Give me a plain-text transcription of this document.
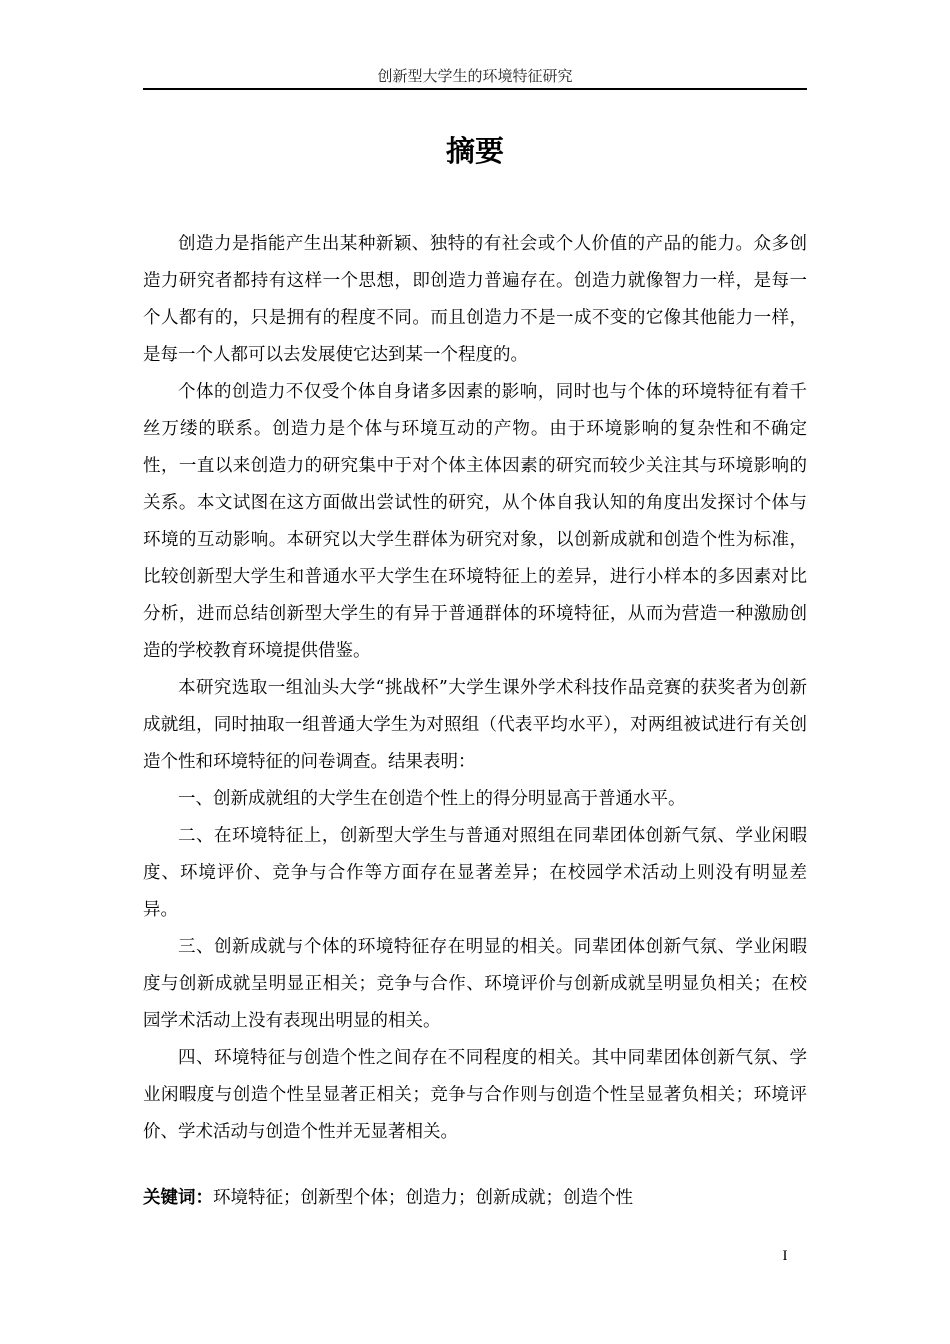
创新型大学生的环境特征研究
摘要

创造力是指能产生出某种新颖、独特的有社会或个人价值的产品的能力。众多创造力研究者都持有这样一个思想，即创造力普遍存在。创造力就像智力一样，是每一个人都有的，只是拥有的程度不同。而且创造力不是一成不变的它像其他能力一样，是每一个人都可以去发展使它达到某一个程度的。

个体的创造力不仅受个体自身诸多因素的影响，同时也与个体的环境特征有着千丝万缕的联系。创造力是个体与环境互动的产物。由于环境影响的复杂性和不确定性，一直以来创造力的研究集中于对个体主体因素的研究而较少关注其与环境影响的关系。本文试图在这方面做出尝试性的研究，从个体自我认知的角度出发探讨个体与环境的互动影响。本研究以大学生群体为研究对象，以创新成就和创造个性为标准，比较创新型大学生和普通水平大学生在环境特征上的差异，进行小样本的多因素对比分析，进而总结创新型大学生的有异于普通群体的环境特征，从而为营造一种激励创造的学校教育环境提供借鉴。

本研究选取一组汕头大学“挑战杯”大学生课外学术科技作品竞赛的获奖者为创新成就组，同时抽取一组普通大学生为对照组（代表平均水平），对两组被试进行有关创造个性和环境特征的问卷调查。结果表明：

一、创新成就组的大学生在创造个性上的得分明显高于普通水平。

二、在环境特征上，创新型大学生与普通对照组在同辈团体创新气氛、学业闲暇度、环境评价、竞争与合作等方面存在显著差异；在校园学术活动上则没有明显差异。

三、创新成就与个体的环境特征存在明显的相关。同辈团体创新气氛、学业闲暇度与创新成就呈明显正相关；竞争与合作、环境评价与创新成就呈明显负相关；在校园学术活动上没有表现出明显的相关。

四、环境特征与创造个性之间存在不同程度的相关。其中同辈团体创新气氛、学业闲暇度与创造个性呈显著正相关；竞争与合作则与创造个性呈显著负相关；环境评价、学术活动与创造个性并无显著相关。

关键词：环境特征；创新型个体；创造力；创新成就；创造个性
I
